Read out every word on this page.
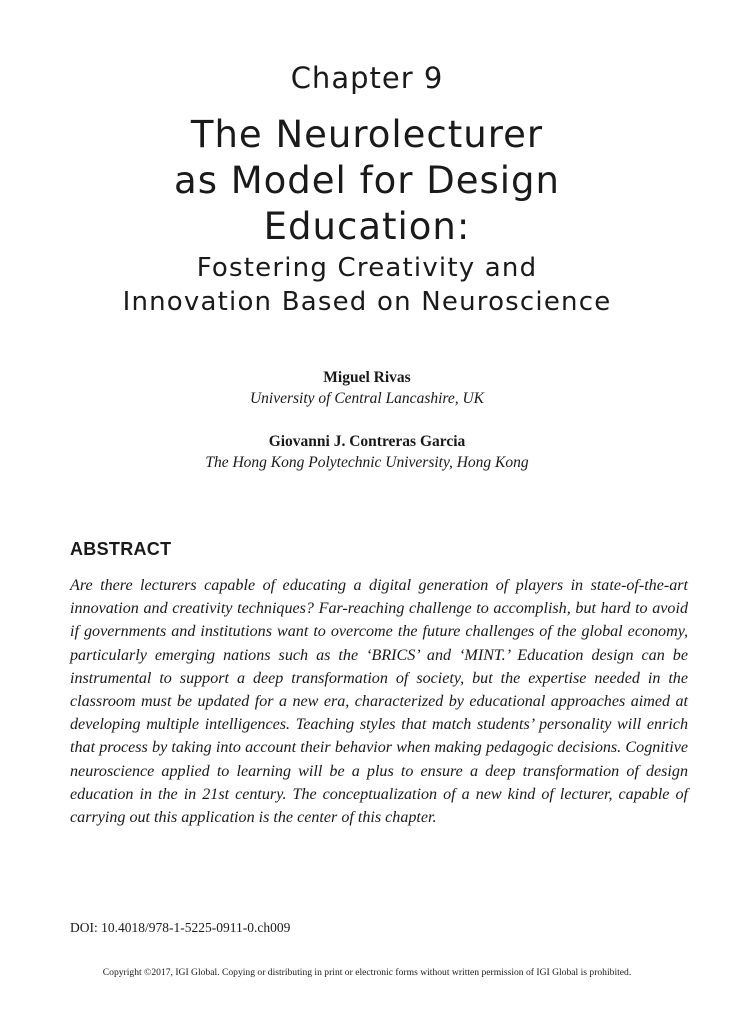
Chapter 9
The Neurolecturer
as Model for Design
Education:
Fostering Creativity and
Innovation Based on Neuroscience
Miguel Rivas
University of Central Lancashire, UK
Giovanni J. Contreras Garcia
The Hong Kong Polytechnic University, Hong Kong
ABSTRACT
Are there lecturers capable of educating a digital generation of players in state-of-the-art innovation and creativity techniques? Far-reaching challenge to accomplish, but hard to avoid if governments and institutions want to overcome the future challenges of the global economy, particularly emerging nations such as the ‘BRICS’ and ‘MINT.’ Education design can be instrumental to support a deep transformation of society, but the expertise needed in the classroom must be updated for a new era, characterized by educational approaches aimed at developing multiple intelligences. Teaching styles that match students’ personality will enrich that process by taking into account their behavior when making pedagogic decisions. Cognitive neuroscience applied to learning will be a plus to ensure a deep transformation of design education in the in 21st century. The conceptualization of a new kind of lecturer, capable of carrying out this application is the center of this chapter.
DOI: 10.4018/978-1-5225-0911-0.ch009
Copyright ©2017, IGI Global. Copying or distributing in print or electronic forms without written permission of IGI Global is prohibited.
